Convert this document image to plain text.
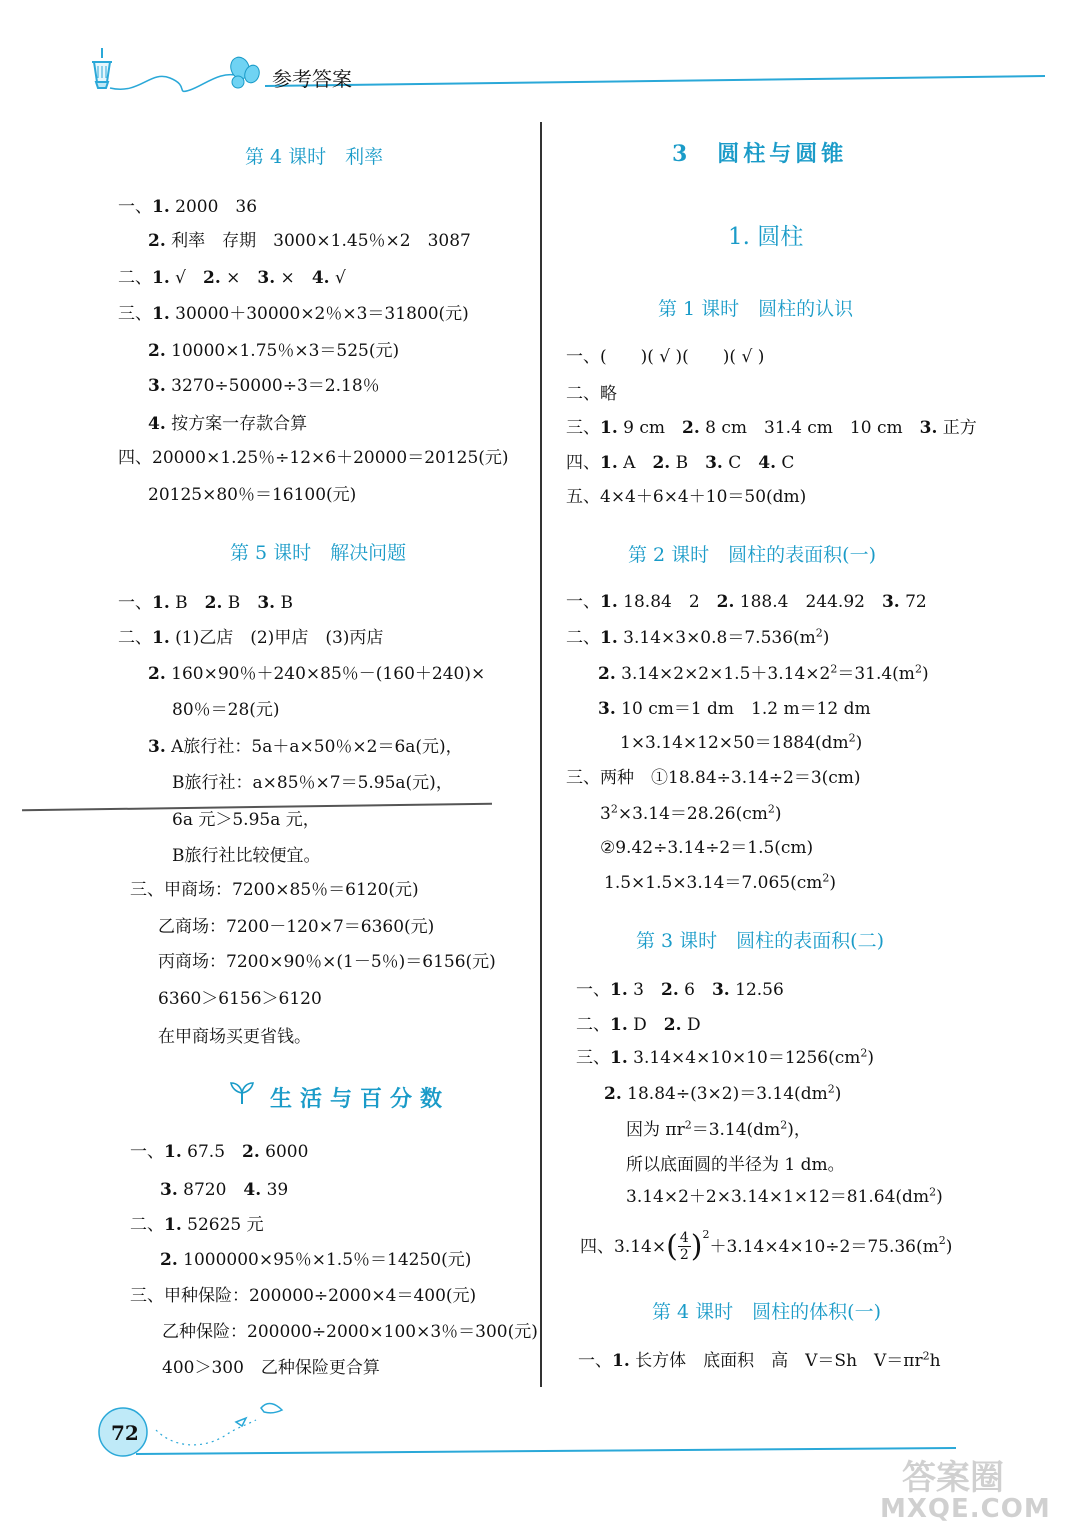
参考答案
第 4 课时　利率
一、1. 2000　36
2. 利率　存期　3000×1.45％×2　3087
二、1. √　2. ×　3. ×　4. √
三、1. 30000＋30000×2％×3＝31800(元)
2. 10000×1.75％×3＝525(元)
3. 3270÷50000÷3＝2.18％
4. 按方案一存款合算
四、20000×1.25％÷12×6＋20000＝20125(元)
20125×80％＝16100(元)
第 5 课时　解决问题
一、1. B　2. B　3. B
二、1. (1)乙店　(2)甲店　(3)丙店
2. 160×90％＋240×85％－(160＋240)×
80％＝28(元)
3. A旅行社：5a＋a×50％×2＝6a(元)，
B旅行社：a×85％×7＝5.95a(元)，
6a 元＞5.95a 元，
B旅行社比较便宜。
三、甲商场：7200×85％＝6120(元)
乙商场：7200－120×7＝6360(元)
丙商场：7200×90％×(1－5％)＝6156(元)
6360＞6156＞6120
在甲商场买更省钱。
生活与百分数
一、1. 67.5　2. 6000
3. 8720　4. 39
二、1. 52625 元
2. 1000000×95％×1.5％＝14250(元)
三、甲种保险：200000÷2000×4＝400(元)
乙种保险：200000÷2000×100×3％＝300(元)
400＞300　乙种保险更合算
3　圆柱与圆锥
1. 圆柱
第 1 课时　圆柱的认识
一、(　　)( √ )(　　)( √ )
二、略
三、1. 9 cm　2. 8 cm　31.4 cm　10 cm　3. 正方
四、1. A　2. B　3. C　4. C
五、4×4＋6×4＋10＝50(dm)
第 2 课时　圆柱的表面积(一)
一、1. 18.84　2　2. 188.4　244.92　3. 72
二、1. $3.14\times 3\times 0.8=7.536(m^2)$
2. $3.14\times 2\times 2\times 1.5+3.14\times 2^2=31.4(m^2)$
3. 10 cm＝1 dm　1.2 m＝12 dm
$1\times 3.14\times 12\times 50=1884(dm^2)$
三、两种　①18.84÷3.14÷2＝3(cm)
$3^2\times 3.14=28.26(cm^2)$
②9.42÷3.14÷2＝1.5(cm)
$1.5\times 1.5\times 3.14=7.065(cm^2)$
第 3 课时　圆柱的表面积(二)
一、1. 3　2. 6　3. 12.56
二、1. D　2. D
三、1. $3.14\times 4\times 10\times 10=1256(cm^2)$
2. $18.84\div(3\times 2)=3.14(dm^2)$
因为 $\pi r^2=3.14(dm^2)$，
所以底面圆的半径为 1 dm。
$3.14\times 2+2\times 3.14\times 1\times 12=81.64(dm^2)$
四、3.14× ( 4
2 )$^2$
$+3.14\times 4\times 10\div 2=75.36(m^2$ )
第 4 课时　圆柱的体积(一)
一、1. 长方体　底面积　高　V＝Sh　$V=\pi r^2h$
72
答案圈
MXQE.COM
